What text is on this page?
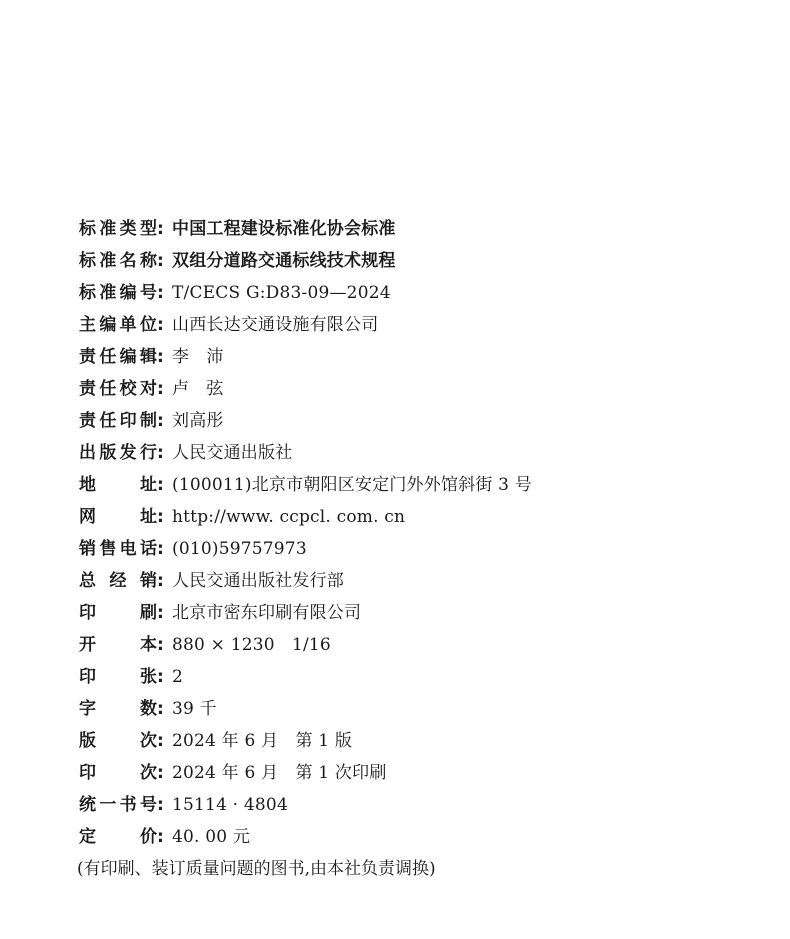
标 准 类 型 : 中国工程建设标准化协会标准
标 准 名 称 : 双组分道路交通标线技术规程
标 准 编 号 : T/CECS G:D83-09—2024
主 编 单 位 : 山西长达交通设施有限公司
责 任 编 辑 : 李　沛
责 任 校 对 : 卢　弦
责 任 印 制 : 刘高彤
出 版 发 行 : 人民交通出版社
地	址 : (100011)北京市朝阳区安定门外外馆斜街 3 号
网	址 : http://www. ccpcl. com. cn
销 售 电 话 : (010)59757973
总 经 销 : 人民交通出版社发行部
印	刷 : 北京市密东印刷有限公司
开	本 : 880 × 1230　1/16
印	张 : 2
字	数 : 39 千
版	次 : 2024 年 6 月　第 1 版
印	次 : 2024 年 6 月　第 1 次印刷
统 一 书 号 : 15114 · 4804
定	价 : 40. 00 元
(有印刷、装订质量问题的图书,由本社负责调换)
